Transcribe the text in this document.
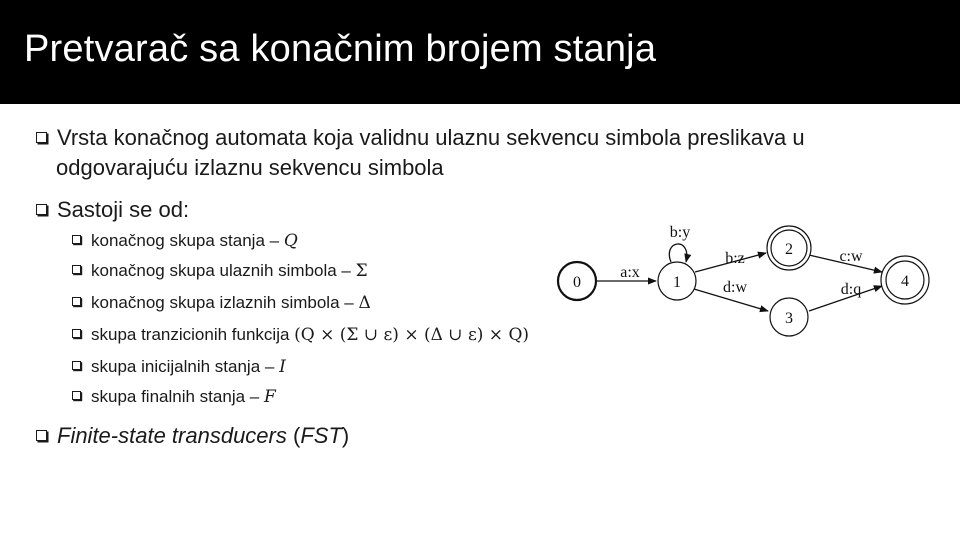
Pretvarač sa konačnim brojem stanja
Vrsta konačnog automata koja validnu ulaznu sekvencu simbola preslikava u
odgovarajuću izlaznu sekvencu simbola
Sastoji se od:
konačnog skupa stanja – Q
konačnog skupa ulaznih simbola – Σ
konačnog skupa izlaznih simbola – Δ
skupa tranzicionih funkcija (Q × (Σ ∪ ε) × (Δ ∪ ε) × Q)
skupa inicijalnih stanja – I
skupa finalnih stanja – F
Finite-state transducers (FST)
0	1
2
3
4
b:y
a:x
b:z
d:w
c:w
d:q
